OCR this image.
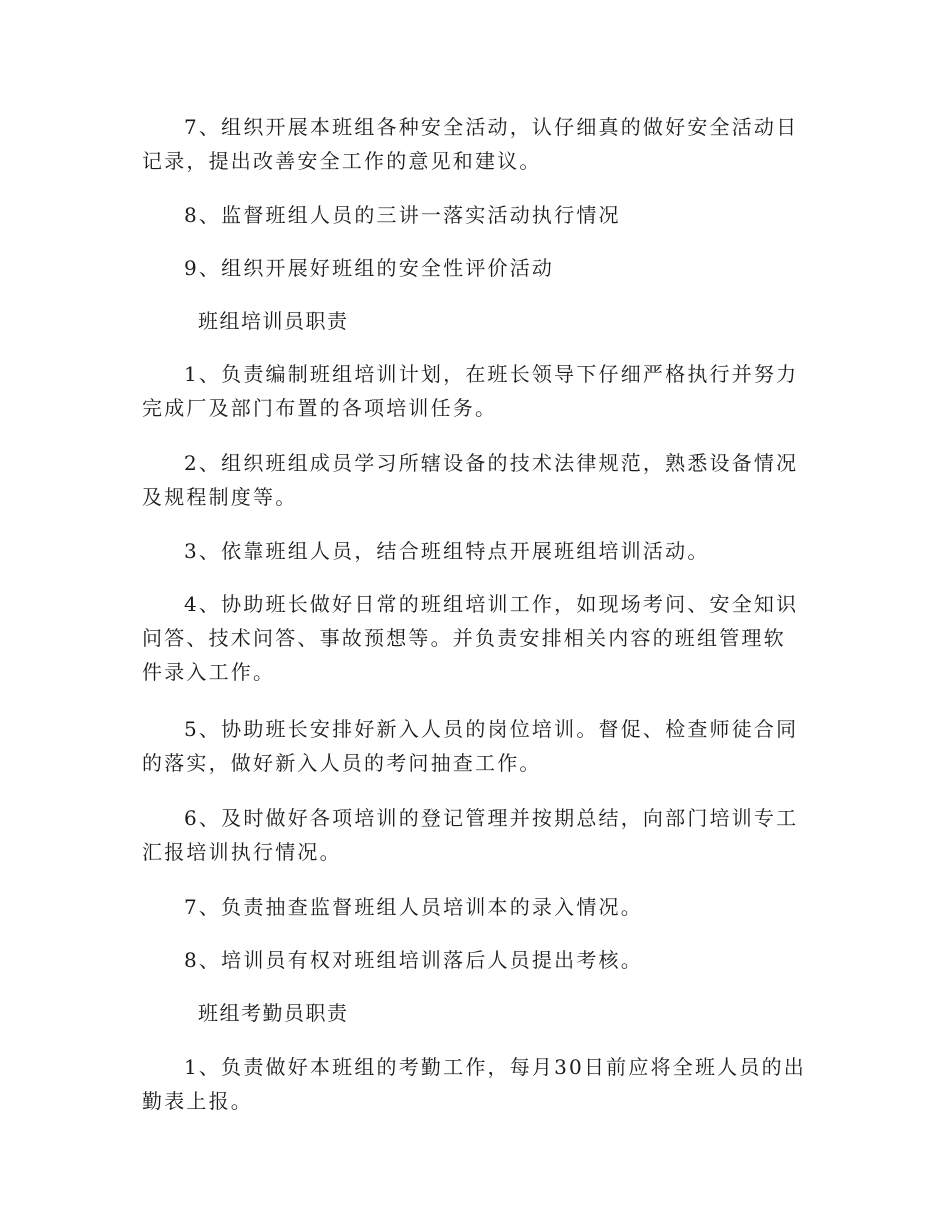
7、组织开展本班组各种安全活动，认仔细真的做好安全活动日记录，提出改善安全工作的意见和建议。

8、监督班组人员的三讲一落实活动执行情况

9、组织开展好班组的安全性评价活动

班组培训员职责

1、负责编制班组培训计划，在班长领导下仔细严格执行并努力完成厂及部门布置的各项培训任务。

2、组织班组成员学习所辖设备的技术法律规范，熟悉设备情况及规程制度等。

3、依靠班组人员，结合班组特点开展班组培训活动。

4、协助班长做好日常的班组培训工作，如现场考问、安全知识问答、技术问答、事故预想等。并负责安排相关内容的班组管理软件录入工作。

5、协助班长安排好新入人员的岗位培训。督促、检查师徒合同的落实，做好新入人员的考问抽查工作。

6、及时做好各项培训的登记管理并按期总结，向部门培训专工汇报培训执行情况。

7、负责抽查监督班组人员培训本的录入情况。

8、培训员有权对班组培训落后人员提出考核。

班组考勤员职责

1、负责做好本班组的考勤工作，每月30日前应将全班人员的出勤表上报。
